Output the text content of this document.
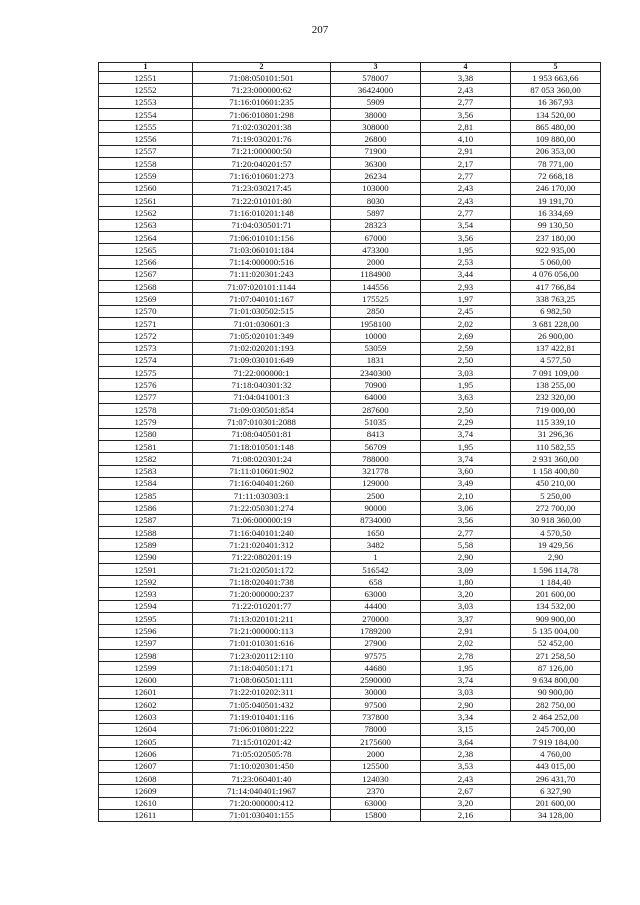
207
1	2	3	4	5
12551	71:08:050101:501	578007	3,38	1 953 663,66
12552	71:23:000000:62	36424000	2,43	87 053 360,00
12553	71:16:010601:235	5909	2,77	16 367,93
12554	71:06:010801:298	38000	3,56	134 520,00
12555	71:02:030201:38	308000	2,81	865 480,00
12556	71:19:030201:76	26800	4,10	109 880,00
12557	71:21:000000:50	71900	2,91	206 353,00
12558	71:20:040201:57	36300	2,17	78 771,00
12559	71:16:010601:273	26234	2,77	72 668,18
12560	71:23:030217:45	103000	2,43	246 170,00
12561	71:22:010101:80	8030	2,43	19 191,70
12562	71:16:010201:148	5897	2,77	16 334,69
12563	71:04:030501:71	28323	3,54	99 130,50
12564	71:06:010101:156	67000	3,56	237 180,00
12565	71:03:060101:184	473300	1,95	922 935,00
12566	71:14:000000:516	2000	2,53	5 060,00
12567	71:11:020301:243	1184900	3,44	4 076 056,00
12568	71:07:020101:1144	144556	2,93	417 766,84
12569	71:07:040101:167	175525	1,97	338 763,25
12570	71:01:030502:515	2850	2,45	6 982,50
12571	71:01:030601:3	1958100	2,02	3 681 228,00
12572	71:05:020101:349	10000	2,69	26 900,00
12573	71:02:020201:193	53059	2,59	137 422,81
12574	71:09:030101:649	1831	2,50	4 577,50
12575	71:22:000000:1	2340300	3,03	7 091 109,00
12576	71:18:040301:32	70900	1,95	138 255,00
12577	71:04:041001:3	64000	3,63	232 320,00
12578	71:09:030501:854	287600	2,50	719 000,00
12579	71:07:010301:2088	51035	2,29	115 339,10
12580	71:08:040501:81	8413	3,74	31 296,36
12581	71:18:010501:148	56709	1,95	110 582,55
12582	71:08:020301:24	788000	3,74	2 931 360,00
12583	71:11:010601:902	321778	3,60	1 158 400,80
12584	71:16:040401:260	129000	3,49	450 210,00
12585	71:11:030303:1	2500	2,10	5 250,00
12586	71:22:050301:274	90000	3,06	272 700,00
12587	71:06:000000:19	8734000	3,56	30 918 360,00
12588	71:16:040101:240	1650	2,77	4 570,50
12589	71:21:020401:312	3482	5,58	19 429,56
12590	71:22:080201:19	1	2,90	2,90
12591	71:21:020501:172	516542	3,09	1 596 114,78
12592	71:18:020401:738	658	1,80	1 184,40
12593	71:20:000000:237	63000	3,20	201 600,00
12594	71:22:010201:77	44400	3,03	134 532,00
12595	71:13:020101:211	270000	3,37	909 900,00
12596	71:21:000000:113	1789200	2,91	5 135 004,00
12597	71:01:010301:616	27900	2,02	52 452,00
12598	71:23:020112:110	97575	2,78	271 258,50
12599	71:18:040501:171	44680	1,95	87 126,00
12600	71:08:060501:111	2590000	3,74	9 634 800,00
12601	71:22:010202:311	30000	3,03	90 900,00
12602	71:05:040501:432	97500	2,90	282 750,00
12603	71:19:010401:116	737800	3,34	2 464 252,00
12604	71:06:010801:222	78000	3,15	245 700,00
12605	71:15:010201:42	2175600	3,64	7 919 184,00
12606	71:05:020505:78	2000	2,38	4 760,00
12607	71:10:020301:450	125500	3,53	443 015,00
12608	71:23:060401:40	124030	2,43	296 431,70
12609	71:14:040401:1967	2370	2,67	6 327,90
12610	71:20:000000:412	63000	3,20	201 600,00
12611	71:01:030401:155	15800	2,16	34 128,00
